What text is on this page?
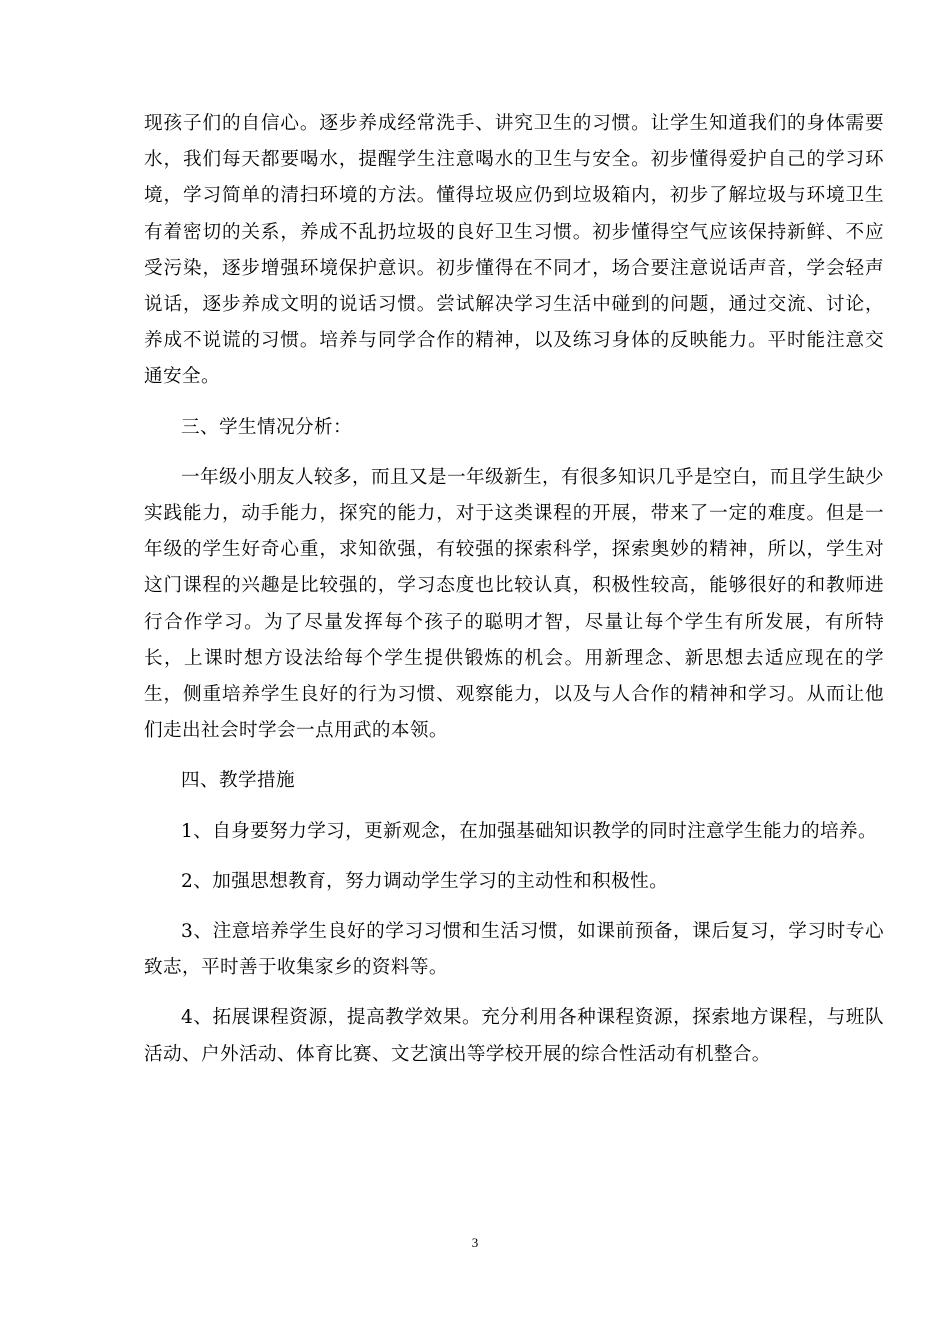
现孩子们的自信心。逐步养成经常洗手、讲究卫生的习惯。让学生知道我们的身体需要水，我们每天都要喝水，提醒学生注意喝水的卫生与安全。初步懂得爱护自己的学习环境，学习简单的清扫环境的方法。懂得垃圾应仍到垃圾箱内，初步了解垃圾与环境卫生有着密切的关系，养成不乱扔垃圾的良好卫生习惯。初步懂得空气应该保持新鲜、不应受污染，逐步增强环境保护意识。初步懂得在不同才，场合要注意说话声音，学会轻声说话，逐步养成文明的说话习惯。尝试解决学习生活中碰到的问题，通过交流、讨论，养成不说谎的习惯。培养与同学合作的精神，以及练习身体的反映能力。平时能注意交通安全。

三、学生情况分析：

一年级小朋友人较多，而且又是一年级新生，有很多知识几乎是空白，而且学生缺少实践能力，动手能力，探究的能力，对于这类课程的开展，带来了一定的难度。但是一年级的学生好奇心重，求知欲强，有较强的探索科学，探索奥妙的精神，所以，学生对这门课程的兴趣是比较强的，学习态度也比较认真，积极性较高，能够很好的和教师进行合作学习。为了尽量发挥每个孩子的聪明才智，尽量让每个学生有所发展，有所特长，上课时想方设法给每个学生提供锻炼的机会。用新理念、新思想去适应现在的学生，侧重培养学生良好的行为习惯、观察能力，以及与人合作的精神和学习。从而让他们走出社会时学会一点用武的本领。

四、教学措施

1、自身要努力学习，更新观念，在加强基础知识教学的同时注意学生能力的培养。

2、加强思想教育，努力调动学生学习的主动性和积极性。

3、注意培养学生良好的学习习惯和生活习惯，如课前预备，课后复习，学习时专心致志，平时善于收集家乡的资料等。

4、拓展课程资源，提高教学效果。充分利用各种课程资源，探索地方课程，与班队活动、户外活动、体育比赛、文艺演出等学校开展的综合性活动有机整合。

3
